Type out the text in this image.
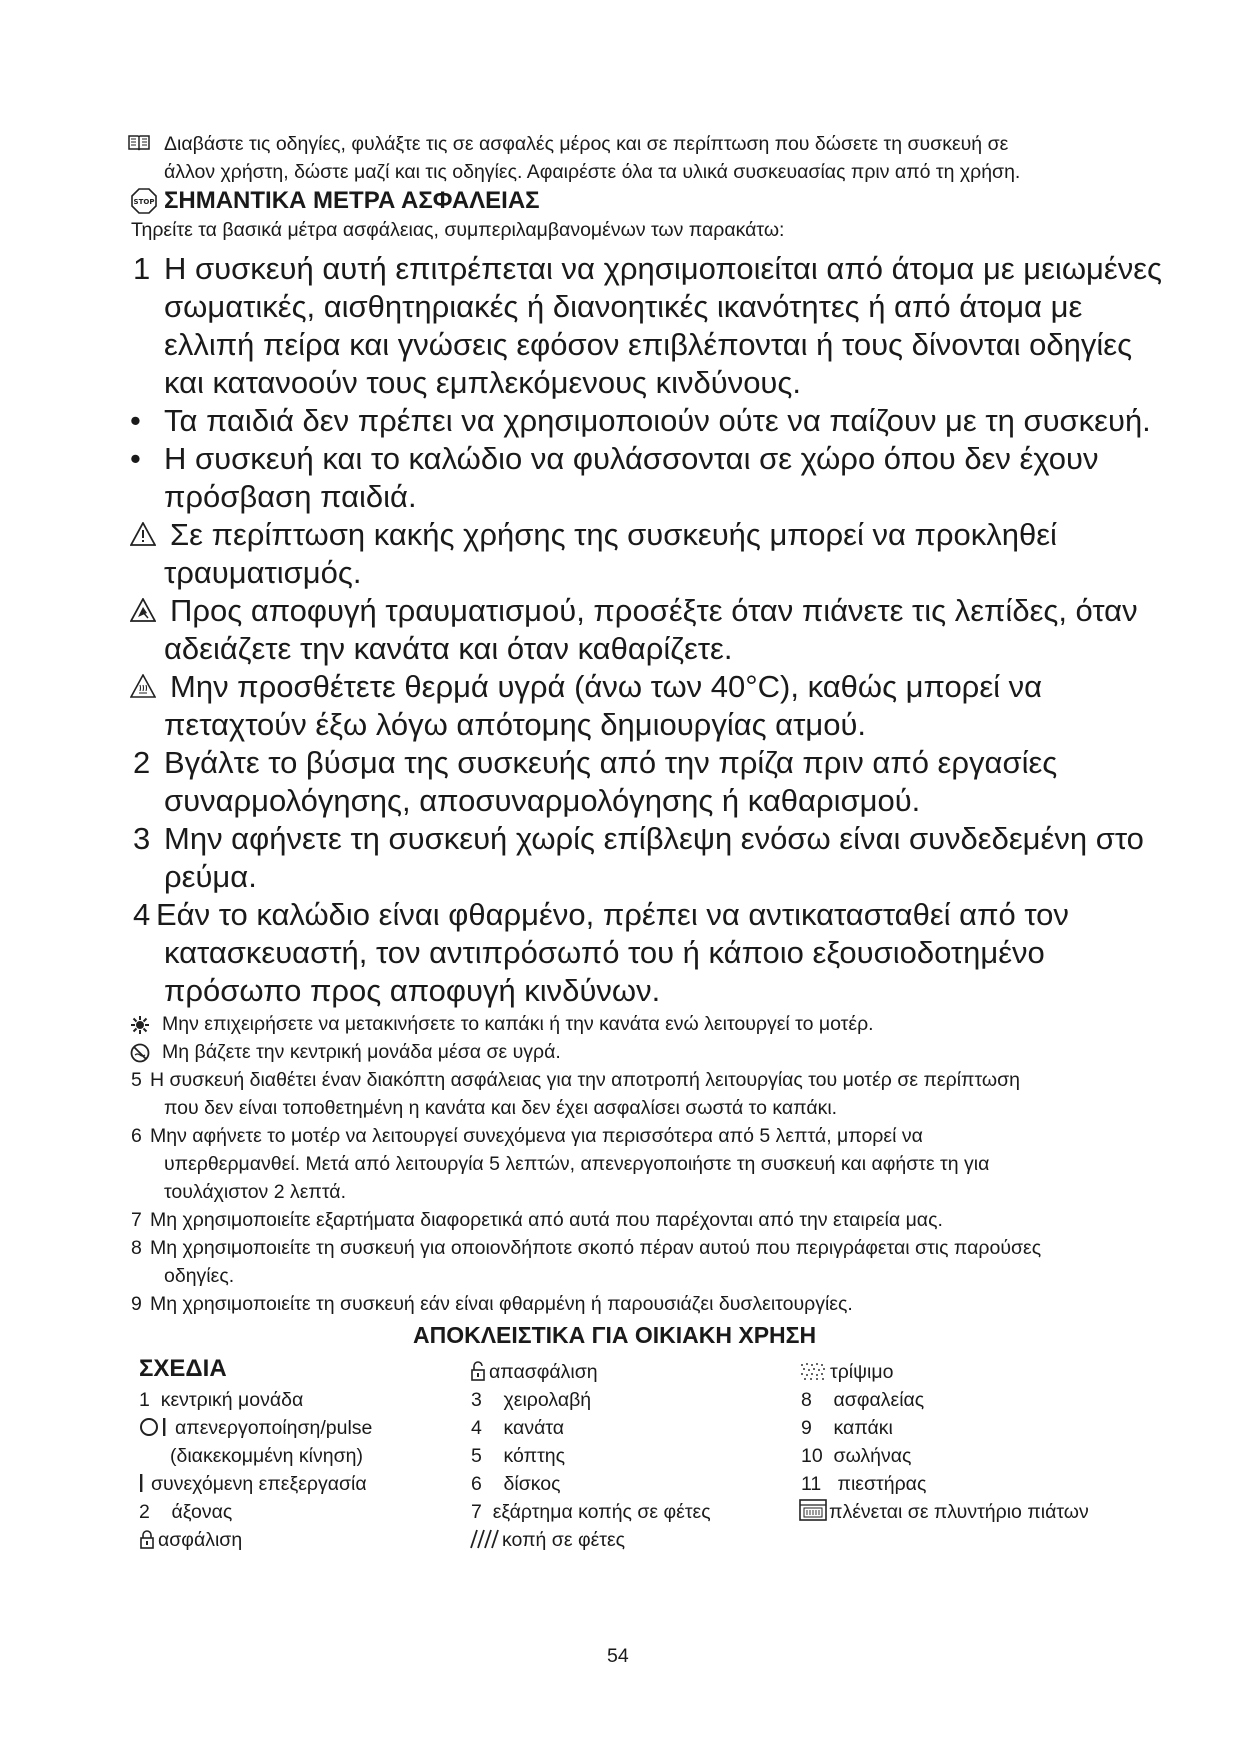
Διαβάστε τις οδηγίες, φυλάξτε τις σε ασφαλές μέρος και σε περίπτωση που δώσετε τη συσκευή σε
άλλον χρήστη, δώστε μαζί και τις οδηγίες. Αφαιρέστε όλα τα υλικά συσκευασίας πριν από τη χρήση.
STOP ΣΗΜΑΝΤΙΚΑ ΜΕΤΡΑ ΑΣΦΑΛΕΙΑΣ
Τηρείτε τα βασικά μέτρα ασφάλειας, συμπεριλαμβανομένων των παρακάτω:
1 Η συσκευή αυτή επιτρέπεται να χρησιμοποιείται από άτομα με μειωμένες
σωματικές, αισθητηριακές ή διανοητικές ικανότητες ή από άτομα με
ελλιπή πείρα και γνώσεις εφόσον επιβλέπονται ή τους δίνονται οδηγίες
και κατανοούν τους εμπλεκόμενους κινδύνους.
• Τα παιδιά δεν πρέπει να χρησιμοποιούν ούτε να παίζουν με τη συσκευή.
• Η συσκευή και το καλώδιο να φυλάσσονται σε χώρο όπου δεν έχουν
πρόσβαση παιδιά.
Σε περίπτωση κακής χρήσης της συσκευής μπορεί να προκληθεί
τραυματισμός.
Προς αποφυγή τραυματισμού, προσέξτε όταν πιάνετε τις λεπίδες, όταν
αδειάζετε την κανάτα και όταν καθαρίζετε.
Μην προσθέτετε θερμά υγρά (άνω των 40°C), καθώς μπορεί να
πεταχτούν έξω λόγω απότομης δημιουργίας ατμού.
2 Βγάλτε το βύσμα της συσκευής από την πρίζα πριν από εργασίες
συναρμολόγησης, αποσυναρμολόγησης ή καθαρισμού.
3 Μην αφήνετε τη συσκευή χωρίς επίβλεψη ενόσω είναι συνδεδεμένη στο
ρεύμα.
4 Εάν το καλώδιο είναι φθαρμένο, πρέπει να αντικατασταθεί από τον
κατασκευαστή, τον αντιπρόσωπό του ή κάποιο εξουσιοδοτημένο
πρόσωπο προς αποφυγή κινδύνων.
Μην επιχειρήσετε να μετακινήσετε το καπάκι ή την κανάτα ενώ λειτουργεί το μοτέρ.
Μη βάζετε την κεντρική μονάδα μέσα σε υγρά.
5 Η συσκευή διαθέτει έναν διακόπτη ασφάλειας για την αποτροπή λειτουργίας του μοτέρ σε περίπτωση
που δεν είναι τοποθετημένη η κανάτα και δεν έχει ασφαλίσει σωστά το καπάκι.
6 Μην αφήνετε το μοτέρ να λειτουργεί συνεχόμενα για περισσότερα από 5 λεπτά, μπορεί να
υπερθερμανθεί. Μετά από λειτουργία 5 λεπτών, απενεργοποιήστε τη συσκευή και αφήστε τη για
τουλάχιστον 2 λεπτά.
7 Μη χρησιμοποιείτε εξαρτήματα διαφορετικά από αυτά που παρέχονται από την εταιρεία μας.
8 Μη χρησιμοποιείτε τη συσκευή για οποιονδήποτε σκοπό πέραν αυτού που περιγράφεται στις παρούσες
οδηγίες.
9 Μη χρησιμοποιείτε τη συσκευή εάν είναι φθαρμένη ή παρουσιάζει δυσλειτουργίες.
ΑΠΟΚΛΕΙΣΤΙΚΑ ΓΙΑ ΟΙΚΙΑΚΗ ΧΡΗΣΗ
ΣΧΕΔΙΑ
1 κεντρική μονάδα
απενεργοποίηση/pulse
(διακεκομμένη κίνηση)
συνεχόμενη επεξεργασία
2 άξονας
ασφάλιση
απασφάλιση
3 χειρολαβή
4 κανάτα
5 κόπτης
6 δίσκος
7 εξάρτημα κοπής σε φέτες
κοπή σε φέτες
τρίψιμο
8 ασφαλείας
9 καπάκι
10 σωλήνας
11 πιεστήρας
πλένεται σε πλυντήριο πιάτων
54
